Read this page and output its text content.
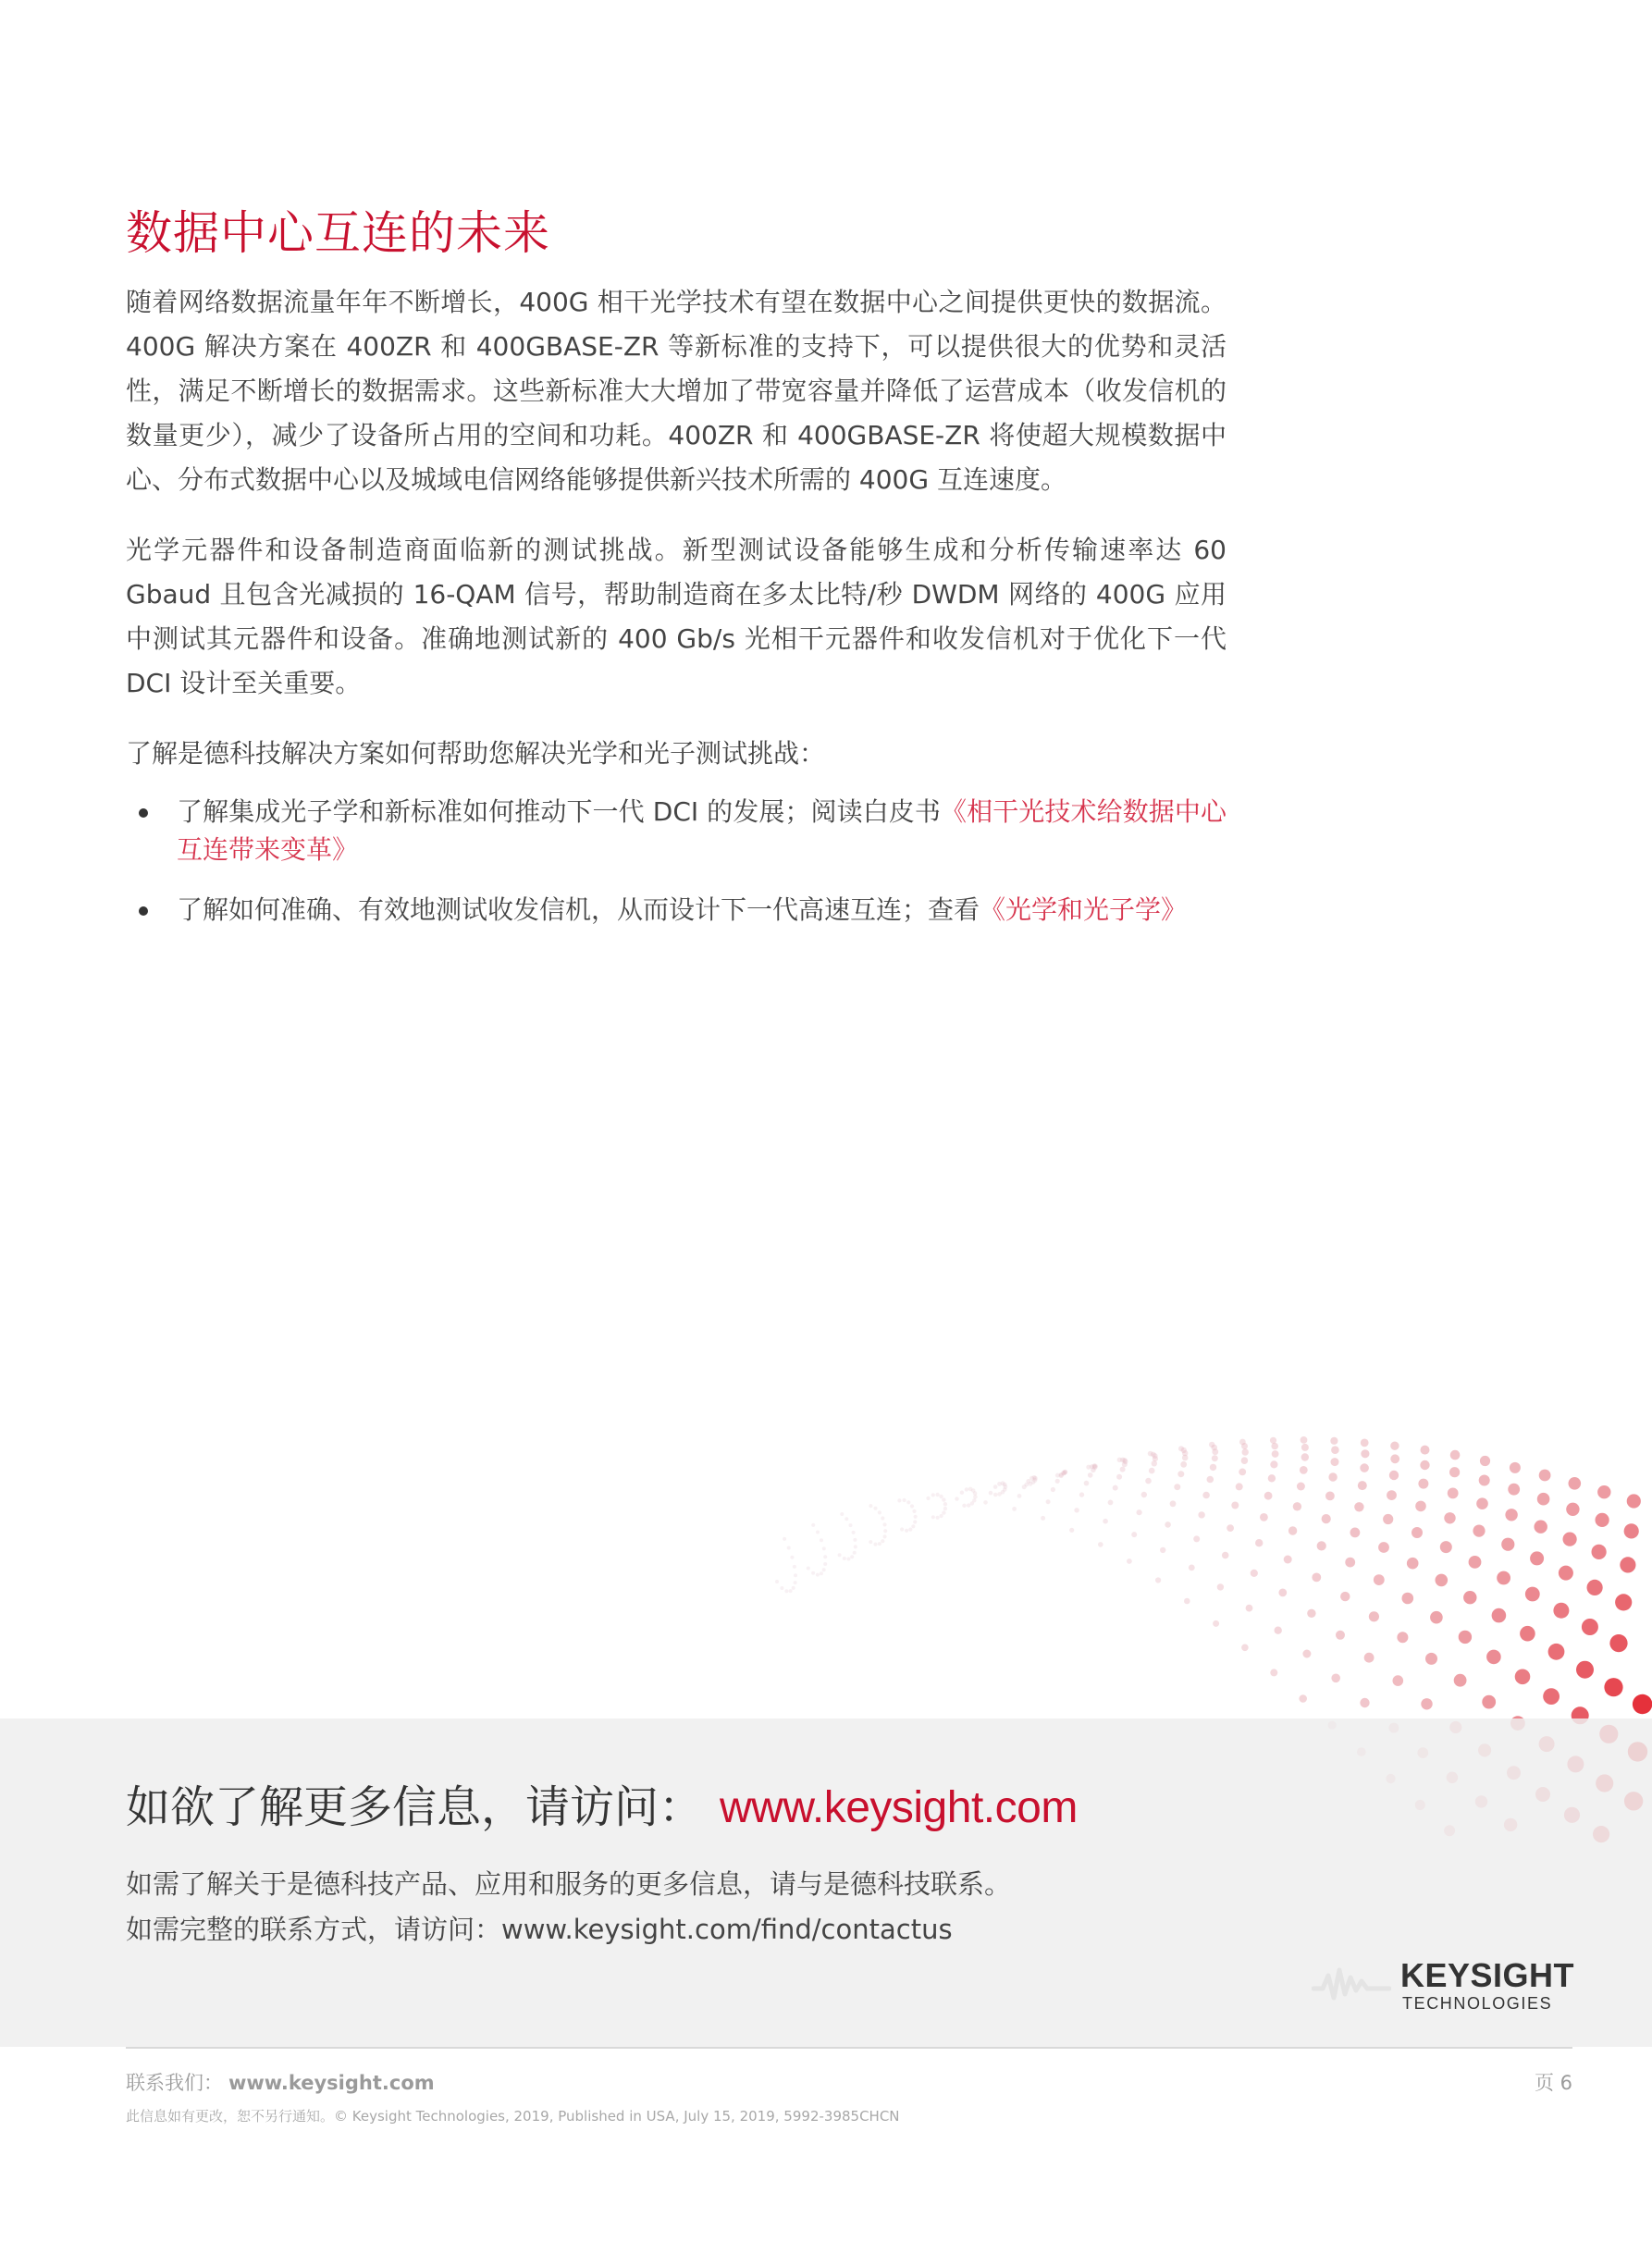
数据中心互连的未来

随着网络数据流量年年不断增长，400G 相干光学技术有望在数据中心之间提供更快的数据流。400G 解决方案在 400ZR 和 400GBASE-ZR 等新标准的支持下，可以提供很大的优势和灵活性，满足不断增长的数据需求。这些新标准大大增加了带宽容量并降低了运营成本（收发信机的数量更少），减少了设备所占用的空间和功耗。400ZR 和 400GBASE-ZR 将使超大规模数据中心、分布式数据中心以及城域电信网络能够提供新兴技术所需的 400G 互连速度。

光学元器件和设备制造商面临新的测试挑战。新型测试设备能够生成和分析传输速率达 60 Gbaud 且包含光减损的 16-QAM 信号，帮助制造商在多太比特/秒 DWDM 网络的 400G 应用中测试其元器件和设备。准确地测试新的 400 Gb/s 光相干元器件和收发信机对于优化下一代 DCI 设计至关重要。

了解是德科技解决方案如何帮助您解决光学和光子测试挑战：

了解集成光子学和新标准如何推动下一代 DCI 的发展；阅读白皮书《相干光技术给数据中心互连带来变革》
了解如何准确、有效地测试收发信机，从而设计下一代高速互连；查看《光学和光子学》
如欲了解更多信息，请访问： www.keysight.com
如需了解关于是德科技产品、应用和服务的更多信息，请与是德科技联系。
如需完整的联系方式，请访问：www.keysight.com/find/contactus
KEYSIGHT
TECHNOLOGIES
联系我们： www.keysight.com	页 6
此信息如有更改，恕不另行通知。© Keysight Technologies, 2019, Published in USA, July 15, 2019, 5992-3985CHCN
